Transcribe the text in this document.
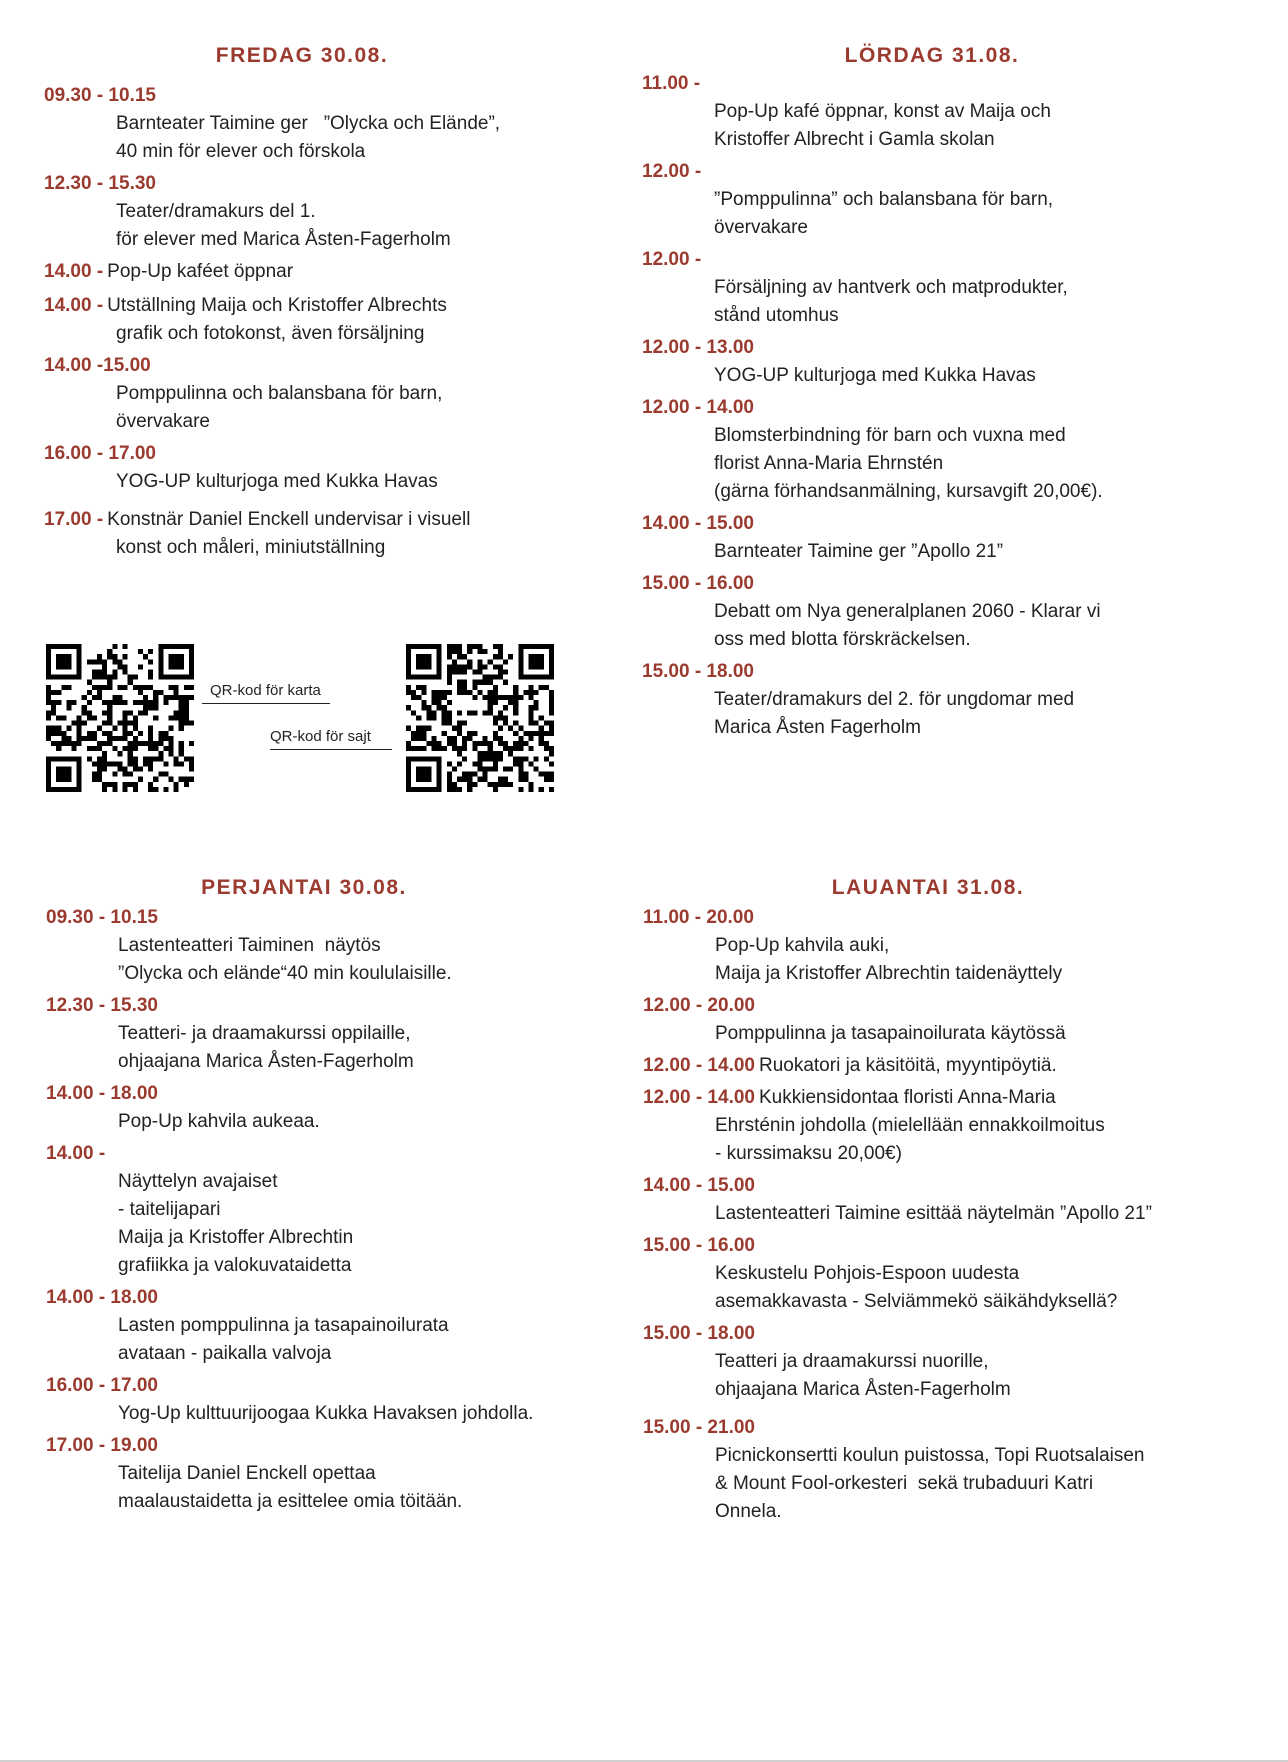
FREDAG 30.08.
09.30 - 10.15
Barnteater Taimine ger   ”Olycka och Elände”,
40 min för elever och förskola
12.30 - 15.30
Teater/dramakurs del 1.
för elever med Marica Åsten-Fagerholm
14.00 - Pop-Up kaféet öppnar
14.00 - Utställning Maija och Kristoffer Albrechts
grafik och fotokonst, även försäljning
14.00 -15.00
Pomppulinna och balansbana för barn,
övervakare
16.00 - 17.00
YOG-UP kulturjoga med Kukka Havas
17.00 - Konstnär Daniel Enckell undervisar i visuell
konst och måleri, miniutställning
QR-kod för karta
QR-kod för sajt
LÖRDAG 31.08.
11.00 -
Pop-Up kafé öppnar, konst av Maija och
Kristoffer Albrecht i Gamla skolan
12.00 -
”Pomppulinna” och balansbana för barn,
övervakare
12.00 -
Försäljning av hantverk och matprodukter,
stånd utomhus
12.00 - 13.00
YOG-UP kulturjoga med Kukka Havas
12.00 - 14.00
Blomsterbindning för barn och vuxna med
florist Anna-Maria Ehrnstén
(gärna förhandsanmälning, kursavgift 20,00€).
14.00 - 15.00
Barnteater Taimine ger ”Apollo 21”
15.00 - 16.00
Debatt om Nya generalplanen 2060 - Klarar vi
oss med blotta förskräckelsen.
15.00 - 18.00
Teater/dramakurs del 2. för ungdomar med
Marica Åsten Fagerholm
PERJANTAI 30.08.
09.30 - 10.15
Lastenteatteri Taiminen  näytös
”Olycka och elände“40 min koululaisille.
12.30 - 15.30
Teatteri- ja draamakurssi oppilaille,
ohjaajana Marica Åsten-Fagerholm
14.00 - 18.00
Pop-Up kahvila aukeaa.
14.00 -
Näyttelyn avajaiset
- taitelijapari
Maija ja Kristoffer Albrechtin
grafiikka ja valokuvataidetta
14.00 - 18.00
Lasten pomppulinna ja tasapainoilurata
avataan - paikalla valvoja
16.00 - 17.00
Yog-Up kulttuurijoogaa Kukka Havaksen johdolla.
17.00 - 19.00
Taitelija Daniel Enckell opettaa
maalaustaidetta ja esittelee omia töitään.
LAUANTAI 31.08.
11.00 - 20.00
Pop-Up kahvila auki,
Maija ja Kristoffer Albrechtin taidenäyttely
12.00 - 20.00
Pomppulinna ja tasapainoilurata käytössä
12.00 - 14.00 Ruokatori ja käsitöitä, myyntipöytiä.
12.00 - 14.00 Kukkiensidontaa floristi Anna-Maria
Ehrsténin johdolla (mielellään ennakkoilmoitus
- kurssimaksu 20,00€)
14.00 - 15.00
Lastenteatteri Taimine esittää näytelmän ”Apollo 21”
15.00 - 16.00
Keskustelu Pohjois-Espoon uudesta
asemakkavasta - Selviämmekö säikähdyksellä?
15.00 - 18.00
Teatteri ja draamakurssi nuorille,
ohjaajana Marica Åsten-Fagerholm
15.00 - 21.00
Picnickonsertti koulun puistossa, Topi Ruotsalaisen
& Mount Fool-orkesteri  sekä trubaduuri Katri
Onnela.
